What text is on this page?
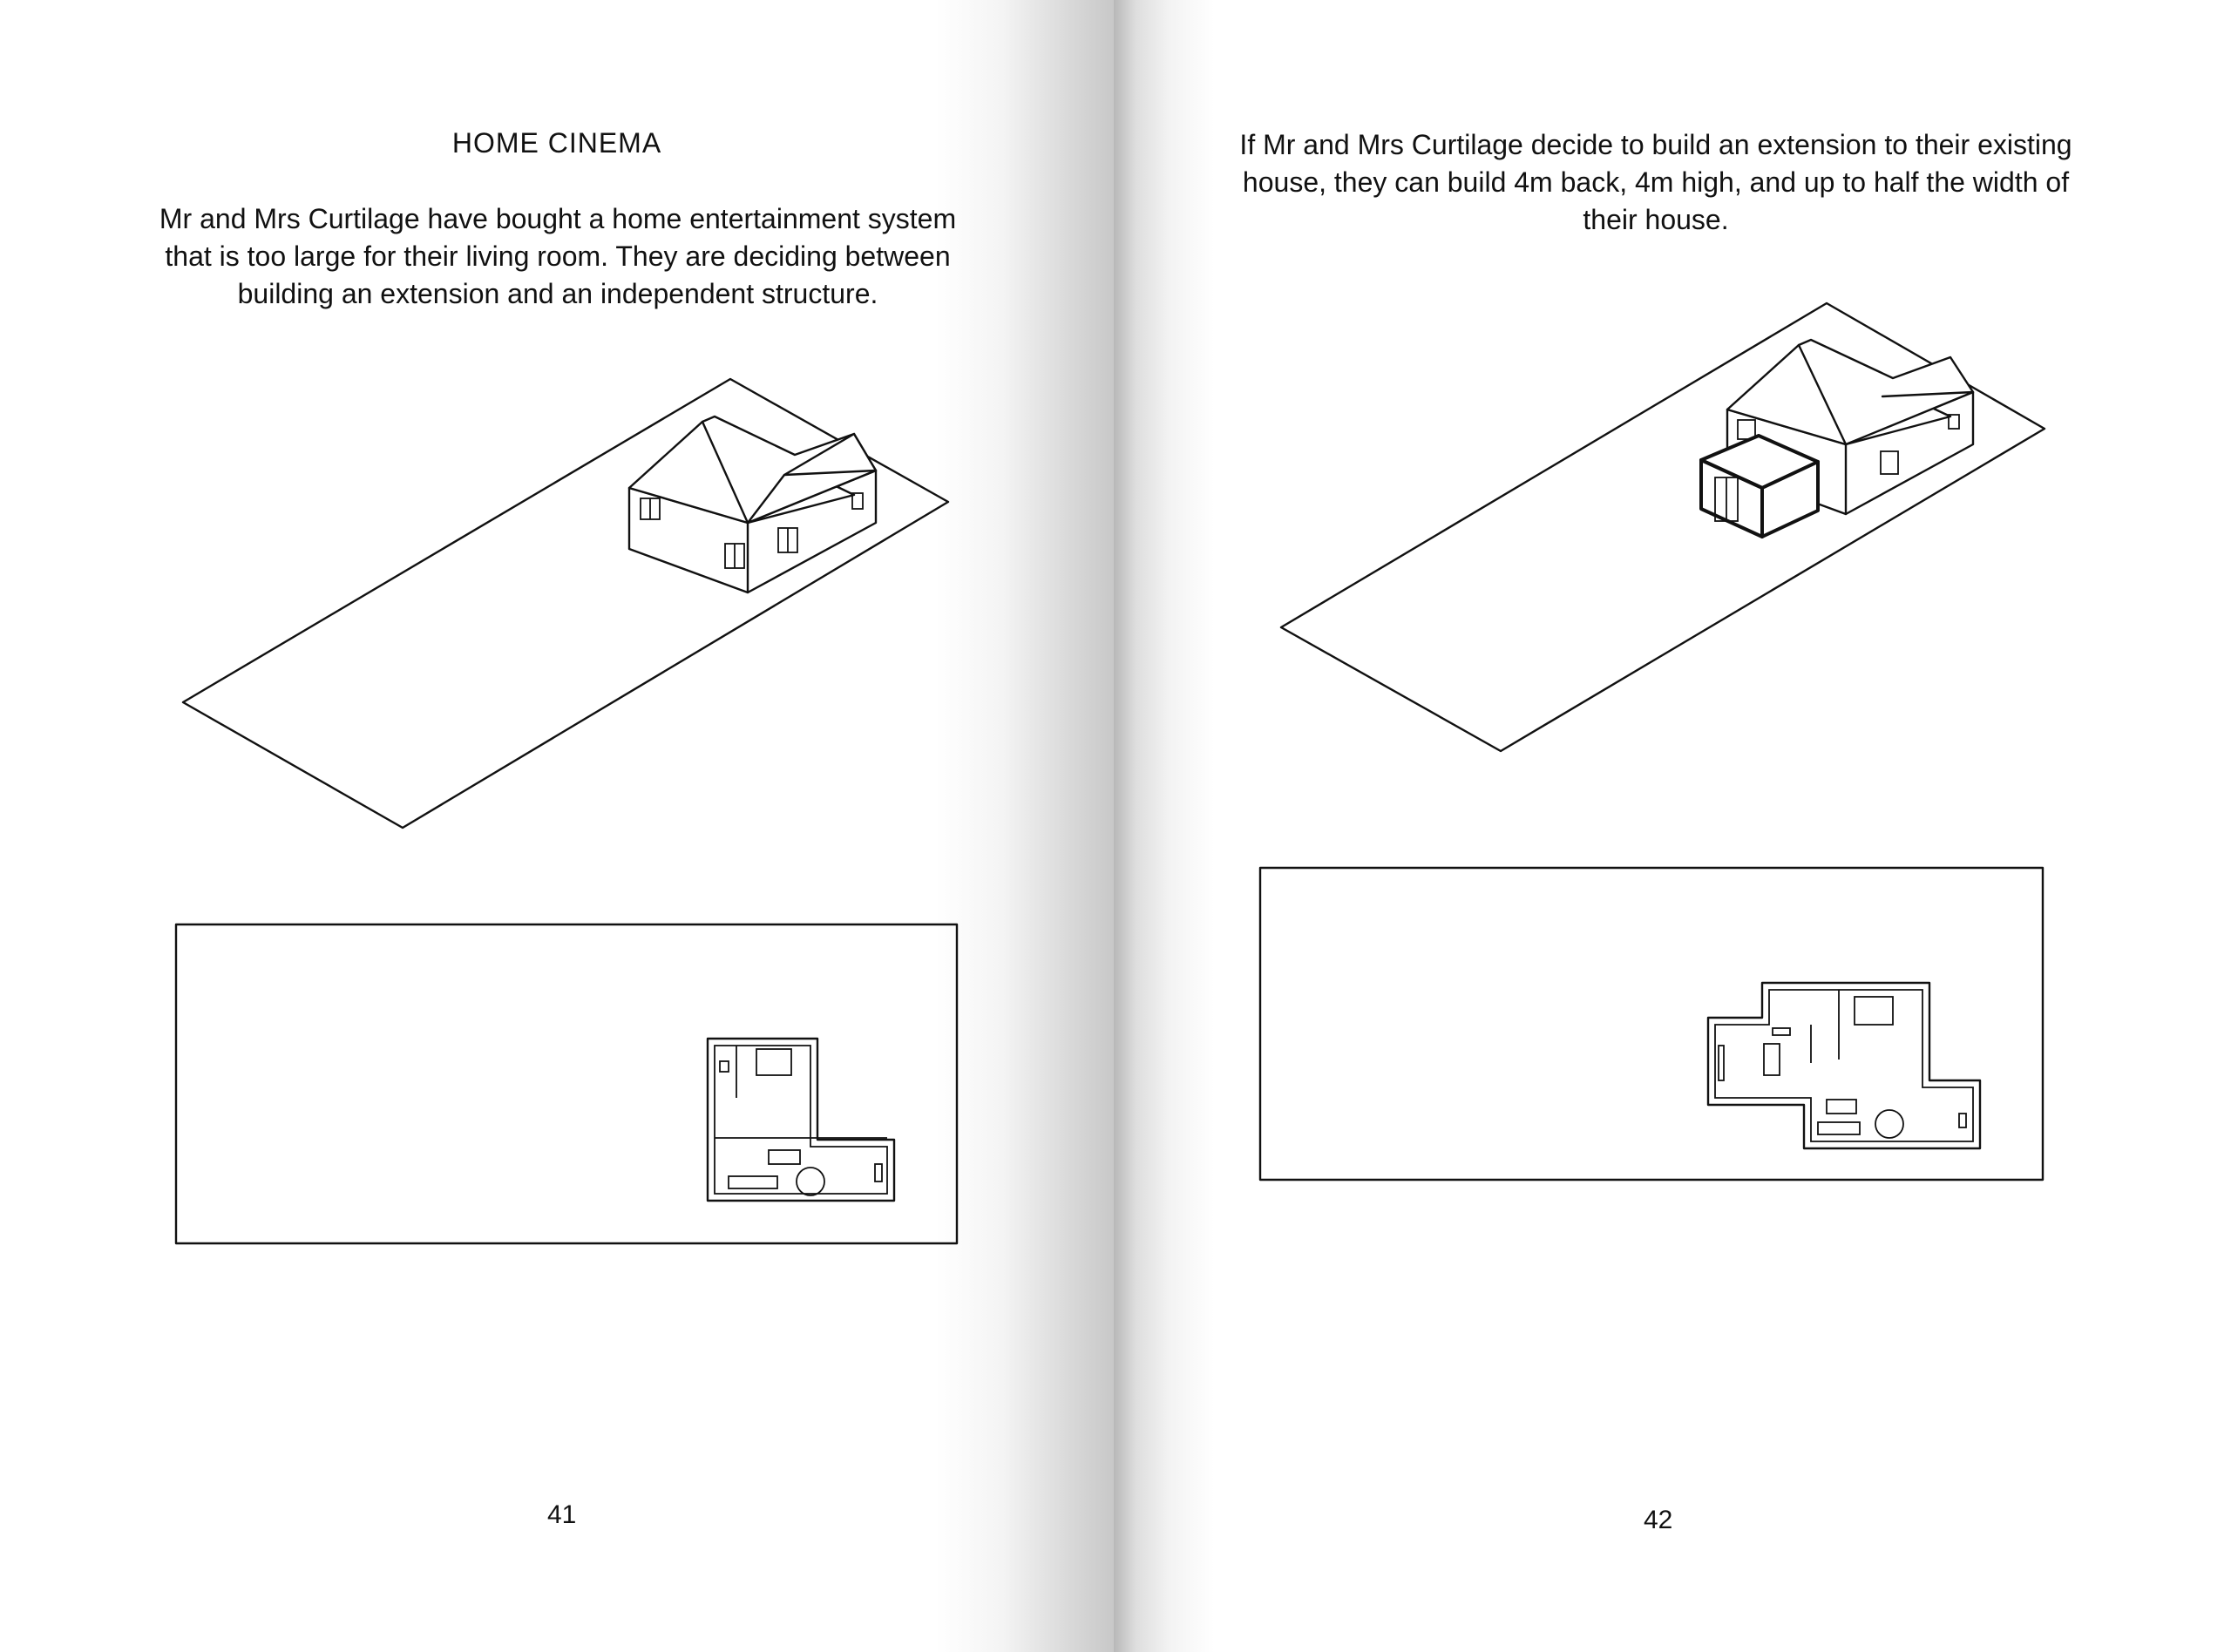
HOME CINEMA
Mr and Mrs Curtilage have bought a home entertainment system that is too large for their living room. They are deciding between building an extension and an independent structure.
41
If Mr and Mrs Curtilage decide to build an extension to their existing house, they can build 4m back, 4m high, and up to half the width of their house.
42
